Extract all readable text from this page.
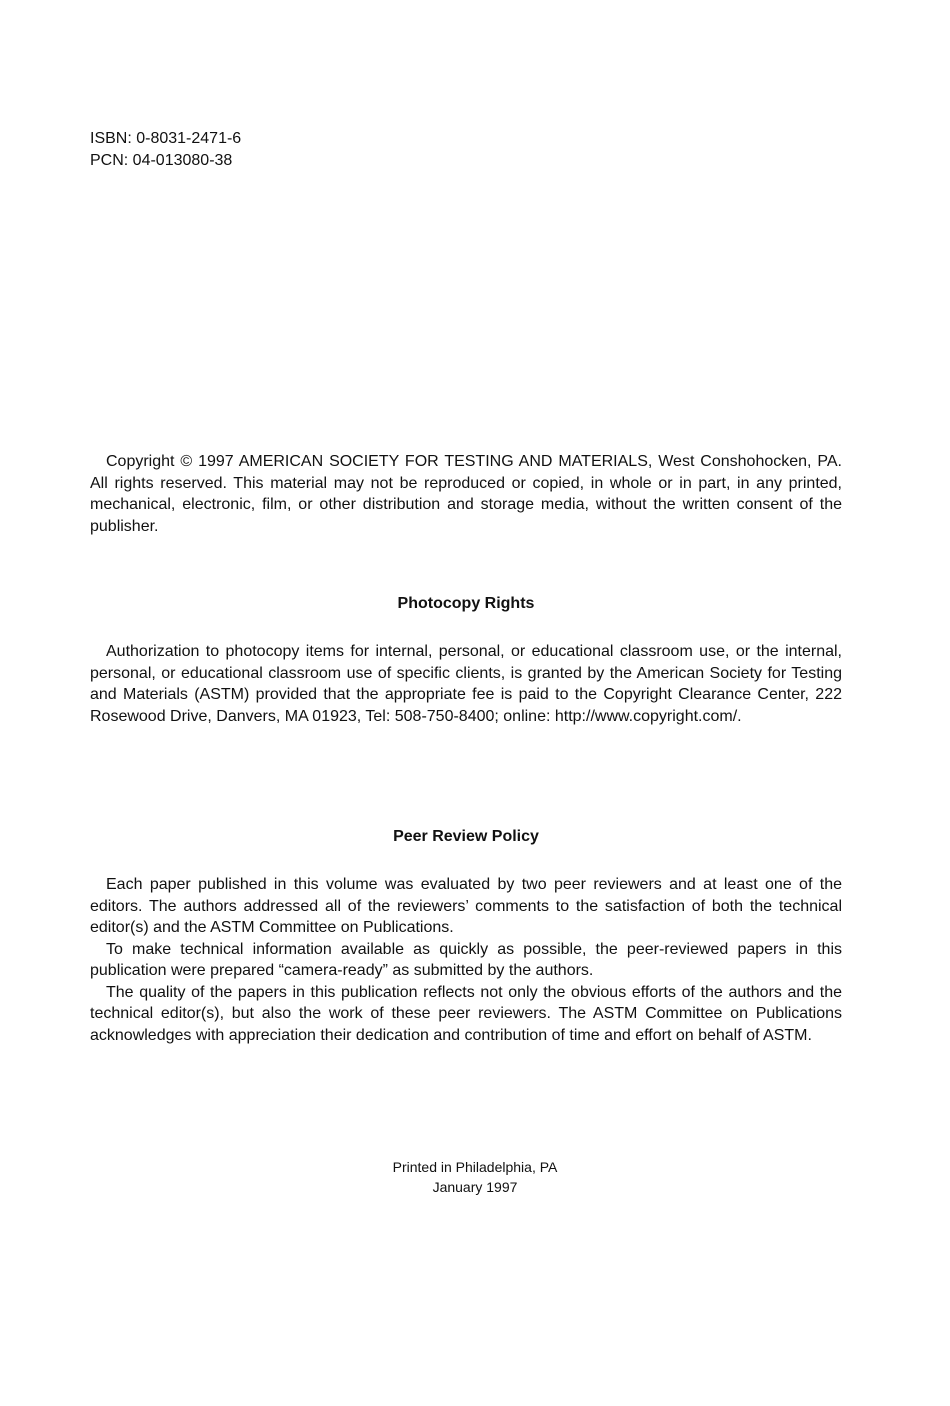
ISBN: 0-8031-2471-6
PCN: 04-013080-38

Copyright © 1997 AMERICAN SOCIETY FOR TESTING AND MATERIALS, West Conshohocken, PA. All rights reserved. This material may not be reproduced or copied, in whole or in part, in any printed, mechanical, electronic, film, or other distribution and storage media, without the written consent of the publisher.

Photocopy Rights

Authorization to photocopy items for internal, personal, or educational classroom use, or the internal, personal, or educational classroom use of specific clients, is granted by the American Society for Testing and Materials (ASTM) provided that the appropriate fee is paid to the Copyright Clearance Center, 222 Rosewood Drive, Danvers, MA 01923, Tel: 508-750-8400; online: http://www.copyright.com/.

Peer Review Policy

Each paper published in this volume was evaluated by two peer reviewers and at least one of the editors. The authors addressed all of the reviewers’ comments to the satisfaction of both the technical editor(s) and the ASTM Committee on Publications.

To make technical information available as quickly as possible, the peer-reviewed papers in this publication were prepared “camera-ready” as submitted by the authors.

The quality of the papers in this publication reflects not only the obvious efforts of the authors and the technical editor(s), but also the work of these peer reviewers. The ASTM Committee on Publications acknowledges with appreciation their dedication and contribution of time and effort on behalf of ASTM.

Printed in Philadelphia, PA
January 1997
